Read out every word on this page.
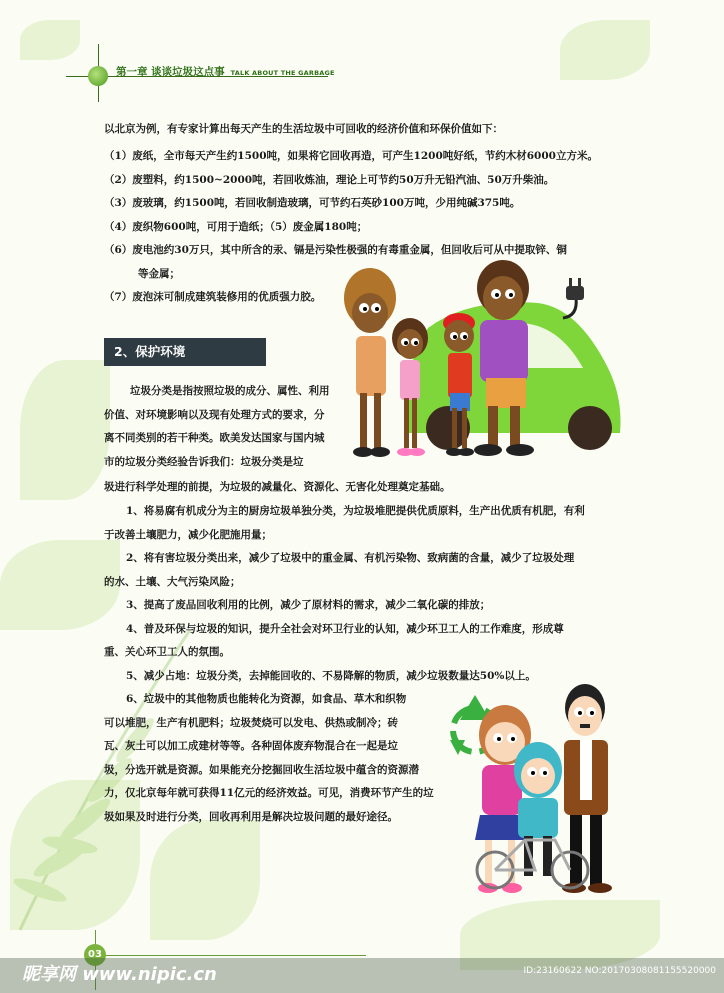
第一章 谈谈垃圾这点事 TALK ABOUT THE GARBAGE
以北京为例，有专家计算出每天产生的生活垃圾中可回收的经济价值和环保价值如下：
（1）废纸，全市每天产生约1500吨，如果将它回收再造，可产生1200吨好纸，节约木材6000立方米。
（2）废塑料，约1500~2000吨，若回收炼油，理论上可节约50万升无铅汽油、50万升柴油。
（3）废玻璃，约1500吨，若回收制造玻璃，可节约石英砂100万吨，少用纯碱375吨。
（4）废织物600吨，可用于造纸；（5）废金属180吨；
（6）废电池约30万只，其中所含的汞、镉是污染性极强的有毒重金属，但回收后可从中提取锌、铜
等金属；
（7）废泡沫可制成建筑装修用的优质强力胶。
2、保护环境
垃圾分类是指按照垃圾的成分、属性、利用
价值、对环境影响以及现有处理方式的要求，分
离不同类别的若干种类。欧美发达国家与国内城
市的垃圾分类经验告诉我们：垃圾分类是垃
圾进行科学处理的前提，为垃圾的减量化、资源化、无害化处理奠定基础。
1、将易腐有机成分为主的厨房垃圾单独分类，为垃圾堆肥提供优质原料，生产出优质有机肥，有利
于改善土壤肥力，减少化肥施用量；
2、将有害垃圾分类出来，减少了垃圾中的重金属、有机污染物、致病菌的含量，减少了垃圾处理
的水、土壤、大气污染风险；
3、提高了废品回收利用的比例，减少了原材料的需求，减少二氧化碳的排放；
4、普及环保与垃圾的知识，提升全社会对环卫行业的认知，减少环卫工人的工作难度，形成尊
重、关心环卫工人的氛围。
5、减少占地：垃圾分类，去掉能回收的、不易降解的物质，减少垃圾数量达50%以上。
6、垃圾中的其他物质也能转化为资源，如食品、草木和织物
可以堆肥，生产有机肥料；垃圾焚烧可以发电、供热或制冷；砖
瓦、灰土可以加工成建材等等。各种固体废弃物混合在一起是垃
圾，分选开就是资源。如果能充分挖掘回收生活垃圾中蕴含的资源潜
力，仅北京每年就可获得11亿元的经济效益。可见，消费环节产生的垃
圾如果及时进行分类，回收再利用是解决垃圾问题的最好途径。
03
昵享网 www.nipic.cn	ID:23160622 NO:20170308081155520000
